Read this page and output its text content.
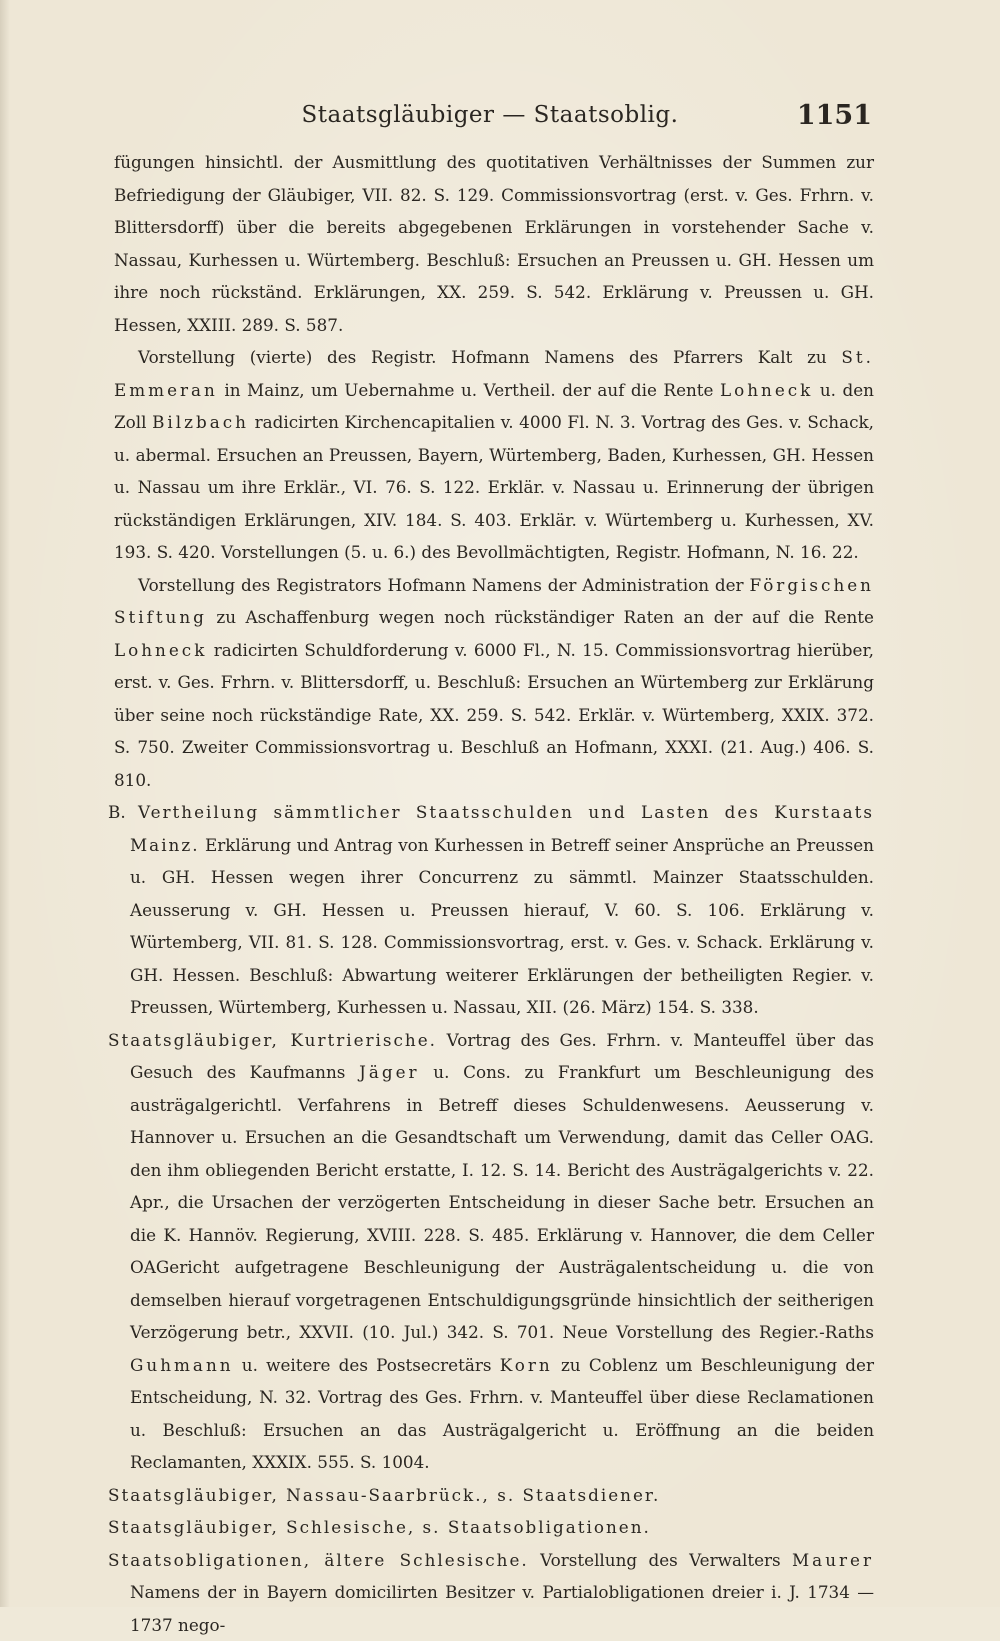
Staatsgläubiger — Staatsoblig.	1151

fügungen hinsichtl. der Ausmittlung des quotitativen Verhältnisses der Summen zur Befriedigung der Gläubiger, VII. 82. S. 129. Commissionsvortrag (erst. v. Ges. Frhrn. v. Blittersdorff) über die bereits abgegebenen Erklärungen in vorstehender Sache v. Nassau, Kurhessen u. Würtemberg. Beschluß: Ersuchen an Preussen u. GH. Hessen um ihre noch rückständ. Erklärungen, XX. 259. S. 542. Erklärung v. Preussen u. GH. Hessen, XXIII. 289. S. 587.

Vorstellung (vierte) des Registr. Hofmann Namens des Pfarrers Kalt zu St. Emmeran in Mainz, um Uebernahme u. Vertheil. der auf die Rente Lohneck u. den Zoll Bilzbach radicirten Kirchencapitalien v. 4000 Fl. N. 3. Vortrag des Ges. v. Schack, u. abermal. Ersuchen an Preussen, Bayern, Würtemberg, Baden, Kurhessen, GH. Hessen u. Nassau um ihre Erklär., VI. 76. S. 122. Erklär. v. Nassau u. Erinnerung der übrigen rückständigen Erklärungen, XIV. 184. S. 403. Erklär. v. Würtemberg u. Kurhessen, XV. 193. S. 420. Vorstellungen (5. u. 6.) des Bevollmächtigten, Registr. Hofmann, N. 16. 22.

Vorstellung des Registrators Hofmann Namens der Administration der Förgischen Stiftung zu Aschaffenburg wegen noch rückständiger Raten an der auf die Rente Lohneck radicirten Schuldforderung v. 6000 Fl., N. 15. Commissionsvortrag hierüber, erst. v. Ges. Frhrn. v. Blittersdorff, u. Beschluß: Ersuchen an Würtemberg zur Erklärung über seine noch rückständige Rate, XX. 259. S. 542. Erklär. v. Würtemberg, XXIX. 372. S. 750. Zweiter Commissionsvortrag u. Beschluß an Hofmann, XXXI. (21. Aug.) 406. S. 810.

B. Vertheilung sämmtlicher Staatsschulden und Lasten des Kurstaats Mainz. Erklärung und Antrag von Kurhessen in Betreff seiner Ansprüche an Preussen u. GH. Hessen wegen ihrer Concurrenz zu sämmtl. Mainzer Staatsschulden. Aeusserung v. GH. Hessen u. Preussen hierauf, V. 60. S. 106. Erklärung v. Würtemberg, VII. 81. S. 128. Commissionsvortrag, erst. v. Ges. v. Schack. Erklärung v. GH. Hessen. Beschluß: Abwartung weiterer Erklärungen der betheiligten Regier. v. Preussen, Würtemberg, Kurhessen u. Nassau, XII. (26. März) 154. S. 338.

Staatsgläubiger, Kurtrierische. Vortrag des Ges. Frhrn. v. Manteuffel über das Gesuch des Kaufmanns Jäger u. Cons. zu Frankfurt um Beschleunigung des austrägalgerichtl. Verfahrens in Betreff dieses Schuldenwesens. Aeusserung v. Hannover u. Ersuchen an die Gesandtschaft um Verwendung, damit das Celler OAG. den ihm obliegenden Bericht erstatte, I. 12. S. 14. Bericht des Austrägalgerichts v. 22. Apr., die Ursachen der verzögerten Entscheidung in dieser Sache betr. Ersuchen an die K. Hannöv. Regierung, XVIII. 228. S. 485. Erklärung v. Hannover, die dem Celler OAGericht aufgetragene Beschleunigung der Austrägalentscheidung u. die von demselben hierauf vorgetragenen Entschuldigungsgründe hinsichtlich der seitherigen Verzögerung betr., XXVII. (10. Jul.) 342. S. 701. Neue Vorstellung des Regier.-Raths Guhmann u. weitere des Postsecretärs Korn zu Coblenz um Beschleunigung der Entscheidung, N. 32. Vortrag des Ges. Frhrn. v. Manteuffel über diese Reclamationen u. Beschluß: Ersuchen an das Austrägalgericht u. Eröffnung an die beiden Reclamanten, XXXIX. 555. S. 1004.

Staatsgläubiger, Nassau-Saarbrück., s. Staatsdiener.

Staatsgläubiger, Schlesische, s. Staatsobligationen.

Staatsobligationen, ältere Schlesische. Vorstellung des Verwalters Maurer Namens der in Bayern domicilirten Besitzer v. Partialobligationen dreier i. J. 1734 — 1737 nego-
